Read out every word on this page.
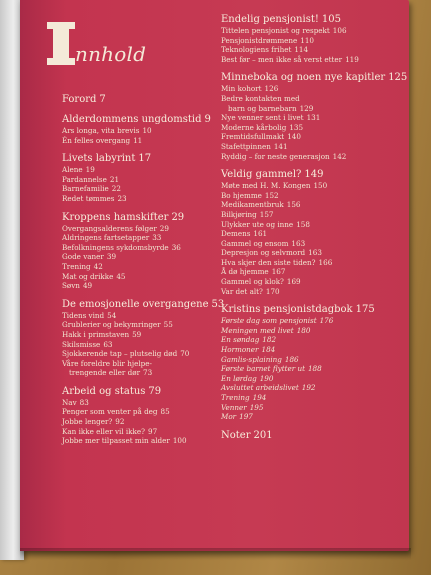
nnhold
Forord 7
Alderdommens ungdomstid 9
Ars longa, vita brevis 10
Én felles overgang 11
Livets labyrint 17
Alene 19
Pardannelse 21
Barnefamilie 22
Redet tømmes 23
Kroppens hamskifter 29
Overgangsalderens følger 29
Aldringens fartsetapper 33
Befolkningens sykdomsbyrde 36
Gode vaner 39
Trening 42
Mat og drikke 45
Søvn 49
De emosjonelle overgangene 53
Tidens vind 54
Grublerier og bekymringer 55
Hakk i primstaven 59
Skilsmisse 63
Sjokkerende tap – plutselig død 70
Våre foreldre blir hjelpe-
trengende eller dør 73
Arbeid og status 79
Nav 83
Penger som venter på deg 85
Jobbe lenger? 92
Kan ikke eller vil ikke? 97
Jobbe mer tilpasset min alder 100
Endelig pensjonist! 105
Tittelen pensjonist og respekt 106
Pensjonistdrømmene 110
Teknologiens frihet 114
Best før – men ikke så verst etter 119
Minneboka og noen nye kapitler 125
Min kohort 126
Bedre kontakten med
barn og barnebarn 129
Nye venner sent i livet 131
Moderne kårbolig 135
Fremtidsfullmakt 140
Stafettpinnen 141
Ryddig – for neste generasjon 142
Veldig gammel? 149
Møte med H. M. Kongen 150
Bo hjemme 152
Medikamentbruk 156
Bilkjøring 157
Ulykker ute og inne 158
Demens 161
Gammel og ensom 163
Depresjon og selvmord 163
Hva skjer den siste tiden? 166
Å dø hjemme 167
Gammel og klok? 169
Var det alt? 170
Kristins pensjonistdagbok 175
Første dag som pensjonist 176
Meningen med livet 180
En søndag 182
Hormoner 184
Gamlis-splaining 186
Første barnet flytter ut 188
En lørdag 190
Avsluttet arbeidslivet 192
Trening 194
Venner 195
Mor 197
Noter 201
